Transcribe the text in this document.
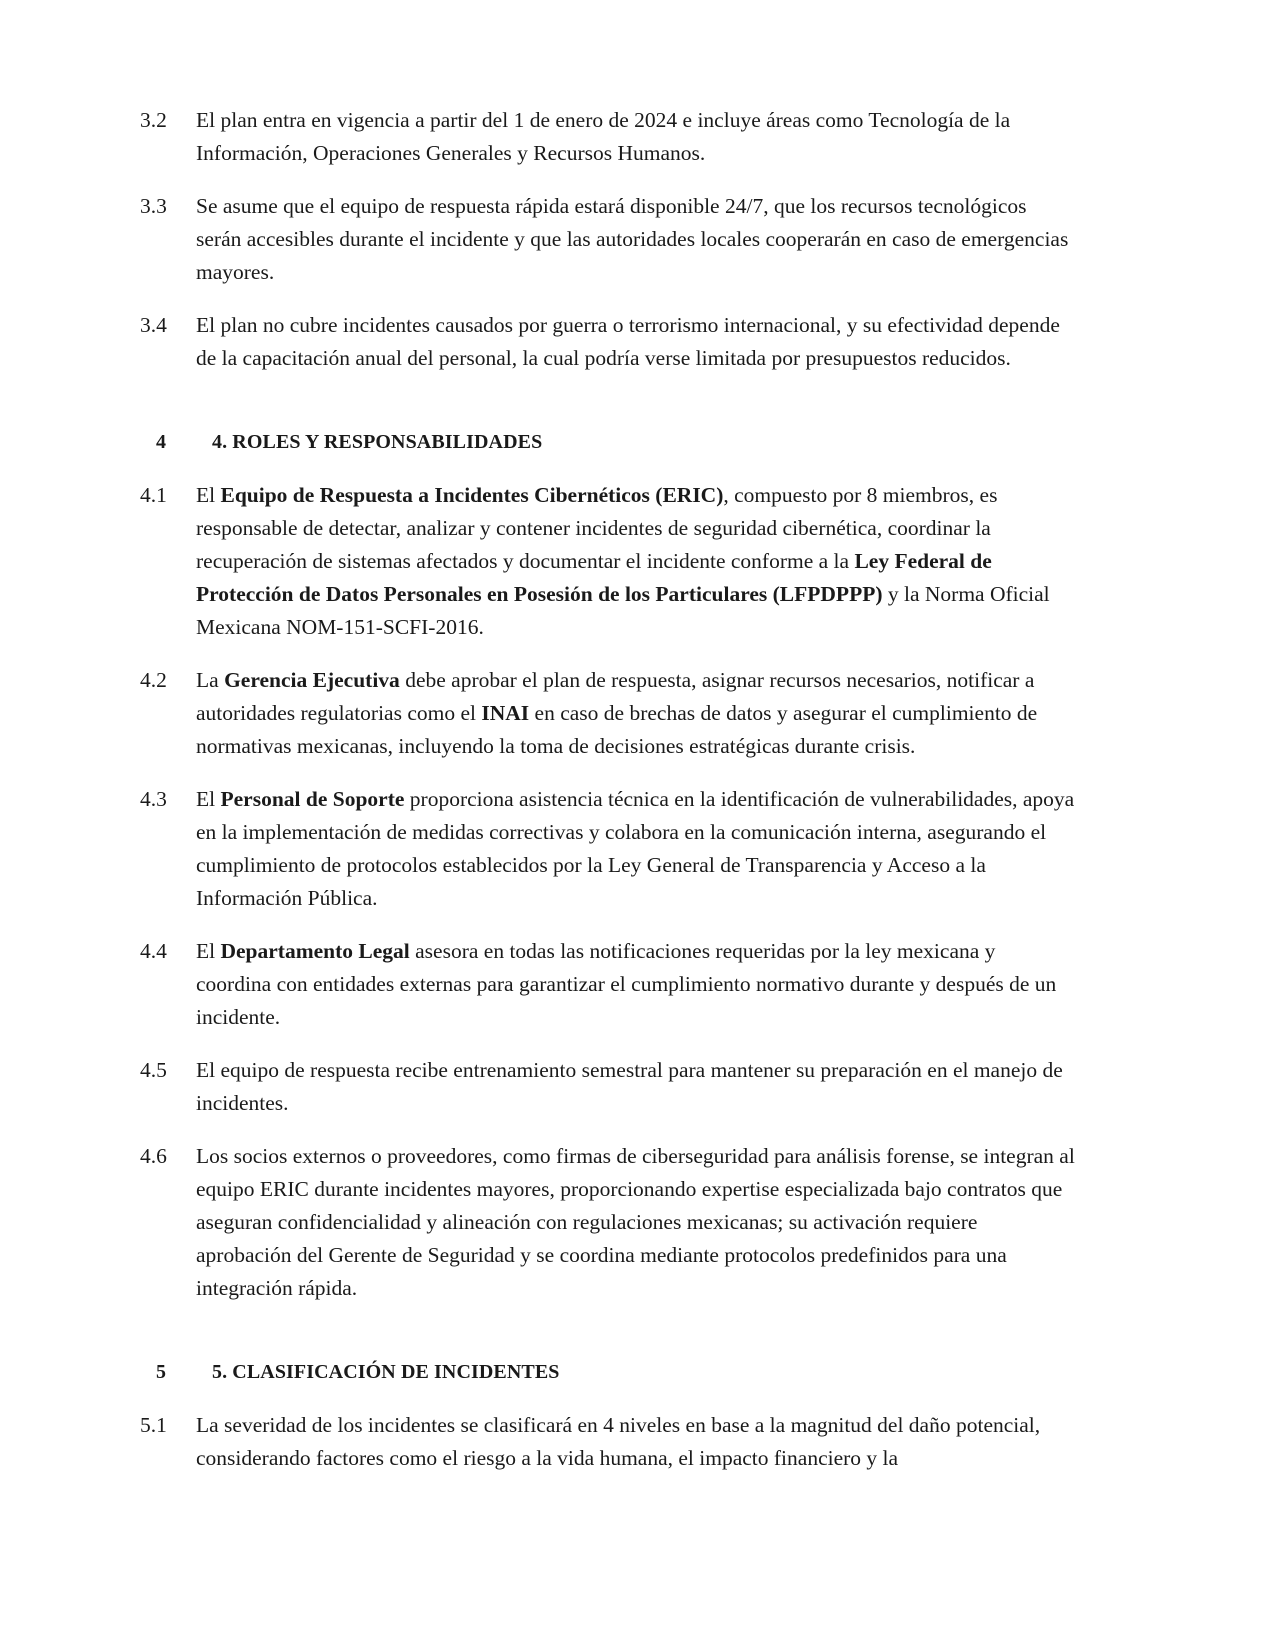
3.2	El plan entra en vigencia a partir del 1 de enero de 2024 e incluye áreas como Tecnología de la Información, Operaciones Generales y Recursos Humanos.
3.3	Se asume que el equipo de respuesta rápida estará disponible 24/7, que los recursos tecnológicos serán accesibles durante el incidente y que las autoridades locales cooperarán en caso de emergencias mayores.
3.4	El plan no cubre incidentes causados por guerra o terrorismo internacional, y su efectividad depende de la capacitación anual del personal, la cual podría verse limitada por presupuestos reducidos.
4	4. ROLES Y RESPONSABILIDADES
4.1	El Equipo de Respuesta a Incidentes Cibernéticos (ERIC), compuesto por 8 miembros, es responsable de detectar, analizar y contener incidentes de seguridad cibernética, coordinar la recuperación de sistemas afectados y documentar el incidente conforme a la Ley Federal de Protección de Datos Personales en Posesión de los Particulares (LFPDPPP) y la Norma Oficial Mexicana NOM-151-SCFI-2016.
4.2	La Gerencia Ejecutiva debe aprobar el plan de respuesta, asignar recursos necesarios, notificar a autoridades regulatorias como el INAI en caso de brechas de datos y asegurar el cumplimiento de normativas mexicanas, incluyendo la toma de decisiones estratégicas durante crisis.
4.3	El Personal de Soporte proporciona asistencia técnica en la identificación de vulnerabilidades, apoya en la implementación de medidas correctivas y colabora en la comunicación interna, asegurando el cumplimiento de protocolos establecidos por la Ley General de Transparencia y Acceso a la Información Pública.
4.4	El Departamento Legal asesora en todas las notificaciones requeridas por la ley mexicana y coordina con entidades externas para garantizar el cumplimiento normativo durante y después de un incidente.
4.5	El equipo de respuesta recibe entrenamiento semestral para mantener su preparación en el manejo de incidentes.
4.6	Los socios externos o proveedores, como firmas de ciberseguridad para análisis forense, se integran al equipo ERIC durante incidentes mayores, proporcionando expertise especializada bajo contratos que aseguran confidencialidad y alineación con regulaciones mexicanas; su activación requiere aprobación del Gerente de Seguridad y se coordina mediante protocolos predefinidos para una integración rápida.
5	5. CLASIFICACIÓN DE INCIDENTES
5.1	La severidad de los incidentes se clasificará en 4 niveles en base a la magnitud del daño potencial, considerando factores como el riesgo a la vida humana, el impacto financiero y la
